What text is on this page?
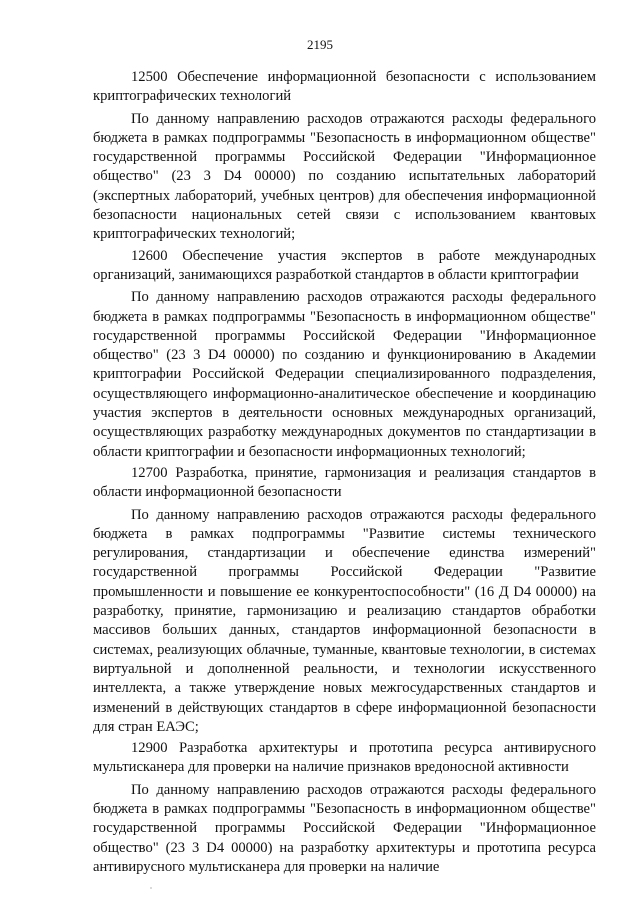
2195

12500 Обеспечение информационной безопасности с использованием криптографических технологий

По данному направлению расходов отражаются расходы федерального бюджета в рамках подпрограммы "Безопасность в информационном обществе" государственной программы Российской Федерации "Информационное общество" (23 3 D4 00000) по созданию испытательных лабораторий (экспертных лабораторий, учебных центров) для обеспечения информационной безопасности национальных сетей связи с использованием квантовых криптографических технологий;

12600 Обеспечение участия экспертов в работе международных организаций, занимающихся разработкой стандартов в области криптографии

По данному направлению расходов отражаются расходы федерального бюджета в рамках подпрограммы "Безопасность в информационном обществе" государственной программы Российской Федерации "Информационное общество" (23 3 D4 00000) по созданию и функционированию в Академии криптографии Российской Федерации специализированного подразделения, осуществляющего информационно-аналитическое обеспечение и координацию участия экспертов в деятельности основных международных организаций, осуществляющих разработку международных документов по стандартизации в области криптографии и безопасности информационных технологий;

12700 Разработка, принятие, гармонизация и реализация стандартов в области информационной безопасности

По данному направлению расходов отражаются расходы федерального бюджета в рамках подпрограммы "Развитие системы технического регулирования, стандартизации и обеспечение единства измерений" государственной программы Российской Федерации "Развитие промышленности и повышение ее конкурентоспособности" (16 Д D4 00000) на разработку, принятие, гармонизацию и реализацию стандартов обработки массивов больших данных, стандартов информационной безопасности в системах, реализующих облачные, туманные, квантовые технологии, в системах виртуальной и дополненной реальности, и технологии искусственного интеллекта, а также утверждение новых межгосударственных стандартов и изменений в действующих стандартов в сфере информационной безопасности для стран ЕАЭС;

12900 Разработка архитектуры и прототипа ресурса антивирусного мультисканера для проверки на наличие признаков вредоносной активности

По данному направлению расходов отражаются расходы федерального бюджета в рамках подпрограммы "Безопасность в информационном обществе" государственной программы Российской Федерации "Информационное общество" (23 3 D4 00000) на разработку архитектуры и прототипа ресурса антивирусного мультисканера для проверки на наличие
